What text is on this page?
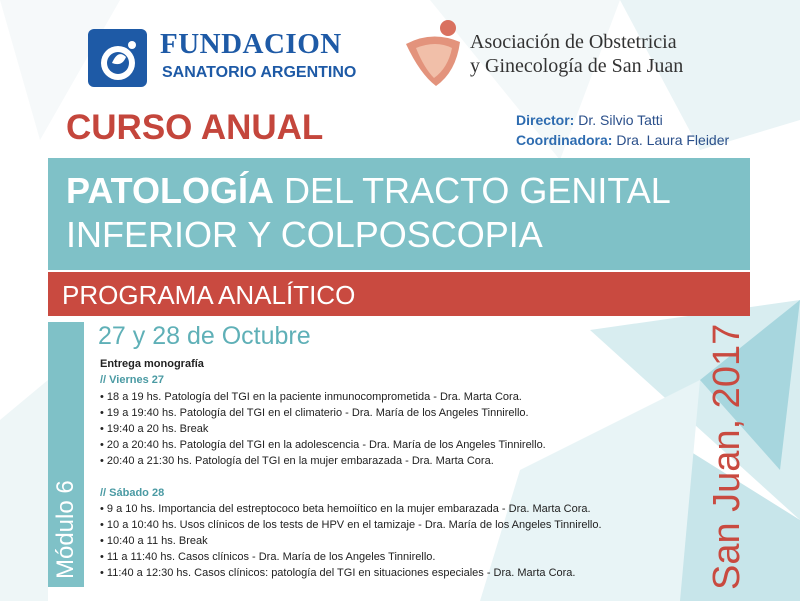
FUNDACION
SANATORIO ARGENTINO
Asociación de Obstetricia
y Ginecología de San Juan
CURSO ANUAL	Director: Dr. Silvio Tatti
Coordinadora: Dra. Laura Fleider
PATOLOGÍA DEL TRACTO GENITAL
INFERIOR Y COLPOSCOPIA
PROGRAMA ANALÍTICO
Módulo 6
27 y 28 de Octubre
Entrega monografía
// Viernes 27
• 18 a 19 hs. Patología del TGI en la paciente inmunocomprometida - Dra. Marta Cora.
• 19 a 19:40 hs. Patología del TGI en el climaterio - Dra. María de los Angeles Tinnirello.
• 19:40 a 20 hs. Break
• 20 a 20:40 hs. Patología del TGI en la adolescencia - Dra. María de los Angeles Tinnirello.
• 20:40 a 21:30 hs. Patología del TGI en la mujer embarazada - Dra. Marta Cora.
// Sábado 28
• 9 a 10 hs. Importancia del estreptococo beta hemoiítico en la mujer embarazada - Dra. Marta Cora.
• 10 a 10:40 hs. Usos clínicos de los tests de HPV en el tamizaje - Dra. María de los Angeles Tinnirello.
• 10:40 a 11 hs. Break
• 11 a 11:40 hs. Casos clínicos - Dra. María de los Angeles Tinnirello.
• 11:40 a 12:30 hs. Casos clínicos: patología del TGI en situaciones especiales - Dra. Marta Cora.	San Juan, 2017
